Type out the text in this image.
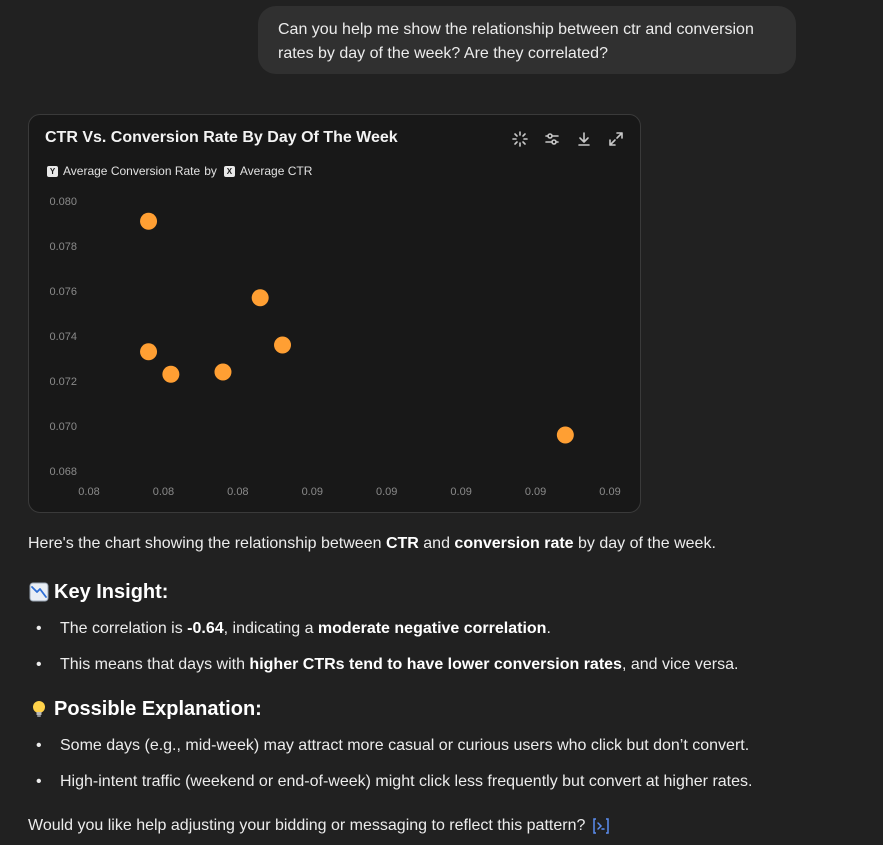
Can you help me show the relationship between ctr and conversion rates by day of the week? Are they correlated?
CTR Vs. Conversion Rate By Day Of The Week
Y Average Conversion Rate by	X Average CTR
0.068
0.070
0.072
0.074
0.076
0.078
0.080
0.08	0.08	0.08	0.09	0.09	0.09	0.09	0.09

Here's the chart showing the relationship between CTR and conversion rate by day of the week.

Key Insight:
• The correlation is -0.64, indicating a moderate negative correlation.
• This means that days with higher CTRs tend to have lower conversion rates, and vice versa.
Possible Explanation:
• Some days (e.g., mid-week) may attract more casual or curious users who click but don’t convert.
• High-intent traffic (weekend or end-of-week) might click less frequently but convert at higher rates.

Would you like help adjusting your bidding or messaging to reflect this pattern?
